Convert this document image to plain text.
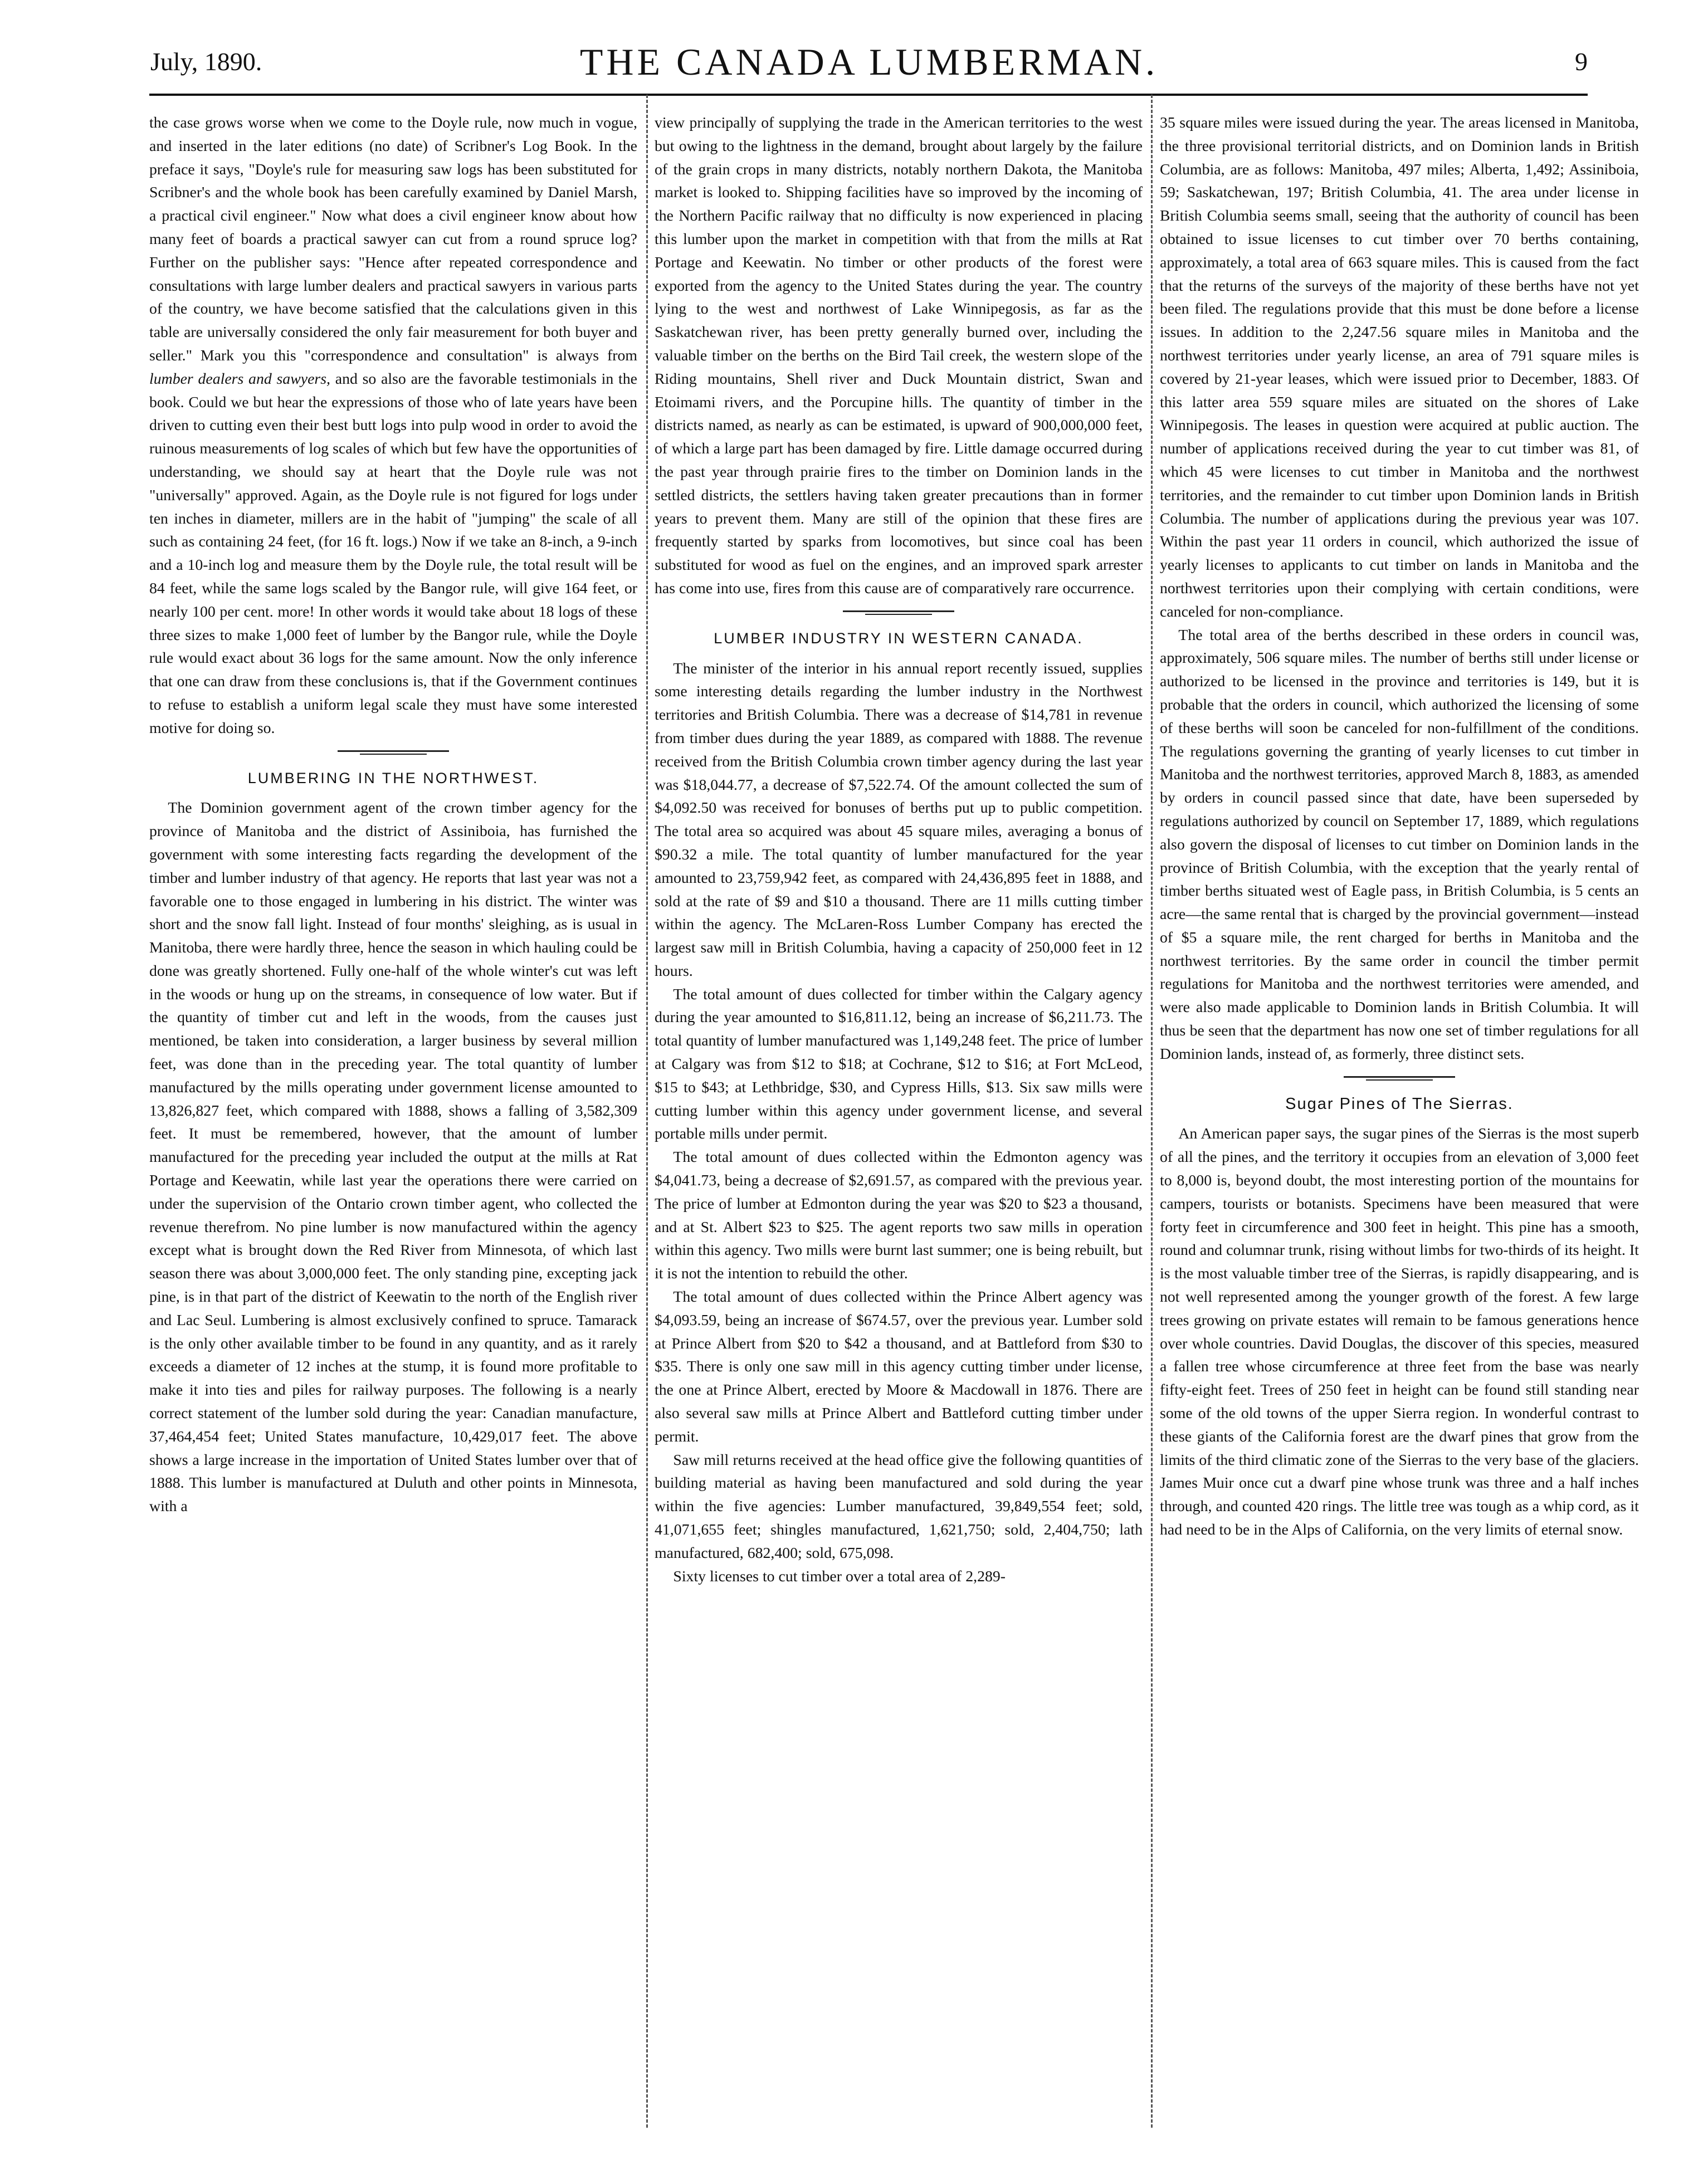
July, 1890.	THE CANADA LUMBERMAN.	9

the case grows worse when we come to the Doyle rule, now much in vogue, and inserted in the later editions (no date) of Scribner's Log Book. In the preface it says, "Doyle's rule for measuring saw logs has been substituted for Scribner's and the whole book has been carefully examined by Daniel Marsh, a practical civil engineer." Now what does a civil engineer know about how many feet of boards a practical sawyer can cut from a round spruce log? Further on the publisher says: "Hence after repeated correspondence and consultations with large lumber dealers and practical sawyers in various parts of the country, we have become satisfied that the calculations given in this table are universally considered the only fair measurement for both buyer and seller." Mark you this "correspondence and consultation" is always from lumber dealers and sawyers, and so also are the favorable testimonials in the book. Could we but hear the expressions of those who of late years have been driven to cutting even their best butt logs into pulp wood in order to avoid the ruinous measurements of log scales of which but few have the opportunities of understanding, we should say at heart that the Doyle rule was not "universally" approved. Again, as the Doyle rule is not figured for logs under ten inches in diameter, millers are in the habit of "jumping" the scale of all such as containing 24 feet, (for 16 ft. logs.) Now if we take an 8-inch, a 9-inch and a 10-inch log and measure them by the Doyle rule, the total result will be 84 feet, while the same logs scaled by the Bangor rule, will give 164 feet, or nearly 100 per cent. more! In other words it would take about 18 logs of these three sizes to make 1,000 feet of lumber by the Bangor rule, while the Doyle rule would exact about 36 logs for the same amount. Now the only inference that one can draw from these conclusions is, that if the Government continues to refuse to establish a uniform legal scale they must have some interested motive for doing so.

LUMBERING IN THE NORTHWEST.

The Dominion government agent of the crown timber agency for the province of Manitoba and the district of Assiniboia, has furnished the government with some interesting facts regarding the development of the timber and lumber industry of that agency. He reports that last year was not a favorable one to those engaged in lumbering in his district. The winter was short and the snow fall light. Instead of four months' sleighing, as is usual in Manitoba, there were hardly three, hence the season in which hauling could be done was greatly shortened. Fully one-half of the whole winter's cut was left in the woods or hung up on the streams, in consequence of low water. But if the quantity of timber cut and left in the woods, from the causes just mentioned, be taken into consideration, a larger business by several million feet, was done than in the preceding year. The total quantity of lumber manufactured by the mills operating under government license amounted to 13,826,827 feet, which compared with 1888, shows a falling of 3,582,309 feet. It must be remembered, however, that the amount of lumber manufactured for the preceding year included the output at the mills at Rat Portage and Keewatin, while last year the operations there were carried on under the supervision of the Ontario crown timber agent, who collected the revenue therefrom. No pine lumber is now manufactured within the agency except what is brought down the Red River from Minnesota, of which last season there was about 3,000,000 feet. The only standing pine, excepting jack pine, is in that part of the district of Keewatin to the north of the English river and Lac Seul. Lumbering is almost exclusively confined to spruce. Tamarack is the only other available timber to be found in any quantity, and as it rarely exceeds a diameter of 12 inches at the stump, it is found more profitable to make it into ties and piles for railway purposes. The following is a nearly correct statement of the lumber sold during the year: Canadian manufacture, 37,464,454 feet; United States manufacture, 10,429,017 feet. The above shows a large increase in the importation of United States lumber over that of 1888. This lumber is manufactured at Duluth and other points in Minnesota, with a

view principally of supplying the trade in the American territories to the west but owing to the lightness in the demand, brought about largely by the failure of the grain crops in many districts, notably northern Dakota, the Manitoba market is looked to. Shipping facilities have so improved by the incoming of the Northern Pacific railway that no difficulty is now experienced in placing this lumber upon the market in competition with that from the mills at Rat Portage and Keewatin. No timber or other products of the forest were exported from the agency to the United States during the year. The country lying to the west and northwest of Lake Winnipegosis, as far as the Saskatchewan river, has been pretty generally burned over, including the valuable timber on the berths on the Bird Tail creek, the western slope of the Riding mountains, Shell river and Duck Mountain district, Swan and Etoimami rivers, and the Porcupine hills. The quantity of timber in the districts named, as nearly as can be estimated, is upward of 900,000,000 feet, of which a large part has been damaged by fire. Little damage occurred during the past year through prairie fires to the timber on Dominion lands in the settled districts, the settlers having taken greater precautions than in former years to prevent them. Many are still of the opinion that these fires are frequently started by sparks from locomotives, but since coal has been substituted for wood as fuel on the engines, and an improved spark arrester has come into use, fires from this cause are of comparatively rare occurrence.

LUMBER INDUSTRY IN WESTERN CANADA.

The minister of the interior in his annual report recently issued, supplies some interesting details regarding the lumber industry in the Northwest territories and British Columbia. There was a decrease of $14,781 in revenue from timber dues during the year 1889, as compared with 1888. The revenue received from the British Columbia crown timber agency during the last year was $18,044.77, a decrease of $7,522.74. Of the amount collected the sum of $4,092.50 was received for bonuses of berths put up to public competition. The total area so acquired was about 45 square miles, averaging a bonus of $90.32 a mile. The total quantity of lumber manufactured for the year amounted to 23,759,942 feet, as compared with 24,436,895 feet in 1888, and sold at the rate of $9 and $10 a thousand. There are 11 mills cutting timber within the agency. The McLaren-Ross Lumber Company has erected the largest saw mill in British Columbia, having a capacity of 250,000 feet in 12 hours.

The total amount of dues collected for timber within the Calgary agency during the year amounted to $16,811.12, being an increase of $6,211.73. The total quantity of lumber manufactured was 1,149,248 feet. The price of lumber at Calgary was from $12 to $18; at Cochrane, $12 to $16; at Fort McLeod, $15 to $43; at Lethbridge, $30, and Cypress Hills, $13. Six saw mills were cutting lumber within this agency under government license, and several portable mills under permit.

The total amount of dues collected within the Edmonton agency was $4,041.73, being a decrease of $2,691.57, as compared with the previous year. The price of lumber at Edmonton during the year was $20 to $23 a thousand, and at St. Albert $23 to $25. The agent reports two saw mills in operation within this agency. Two mills were burnt last summer; one is being rebuilt, but it is not the intention to rebuild the other.

The total amount of dues collected within the Prince Albert agency was $4,093.59, being an increase of $674.57, over the previous year. Lumber sold at Prince Albert from $20 to $42 a thousand, and at Battleford from $30 to $35. There is only one saw mill in this agency cutting timber under license, the one at Prince Albert, erected by Moore & Macdowall in 1876. There are also several saw mills at Prince Albert and Battleford cutting timber under permit.

Saw mill returns received at the head office give the following quantities of building material as having been manufactured and sold during the year within the five agencies: Lumber manufactured, 39,849,554 feet; sold, 41,071,655 feet; shingles manufactured, 1,621,750; sold, 2,404,750; lath manufactured, 682,400; sold, 675,098.

Sixty licenses to cut timber over a total area of 2,289-

35 square miles were issued during the year. The areas licensed in Manitoba, the three provisional territorial districts, and on Dominion lands in British Columbia, are as follows: Manitoba, 497 miles; Alberta, 1,492; Assiniboia, 59; Saskatchewan, 197; British Columbia, 41. The area under license in British Columbia seems small, seeing that the authority of council has been obtained to issue licenses to cut timber over 70 berths containing, approximately, a total area of 663 square miles. This is caused from the fact that the returns of the surveys of the majority of these berths have not yet been filed. The regulations provide that this must be done before a license issues. In addition to the 2,247.56 square miles in Manitoba and the northwest territories under yearly license, an area of 791 square miles is covered by 21-year leases, which were issued prior to December, 1883. Of this latter area 559 square miles are situated on the shores of Lake Winnipegosis. The leases in question were acquired at public auction. The number of applications received during the year to cut timber was 81, of which 45 were licenses to cut timber in Manitoba and the northwest territories, and the remainder to cut timber upon Dominion lands in British Columbia. The number of applications during the previous year was 107. Within the past year 11 orders in council, which authorized the issue of yearly licenses to applicants to cut timber on lands in Manitoba and the northwest territories upon their complying with certain conditions, were canceled for non-compliance.

The total area of the berths described in these orders in council was, approximately, 506 square miles. The number of berths still under license or authorized to be licensed in the province and territories is 149, but it is probable that the orders in council, which authorized the licensing of some of these berths will soon be canceled for non-fulfillment of the conditions. The regulations governing the granting of yearly licenses to cut timber in Manitoba and the northwest territories, approved March 8, 1883, as amended by orders in council passed since that date, have been superseded by regulations authorized by council on September 17, 1889, which regulations also govern the disposal of licenses to cut timber on Dominion lands in the province of British Columbia, with the exception that the yearly rental of timber berths situated west of Eagle pass, in British Columbia, is 5 cents an acre—the same rental that is charged by the provincial government—instead of $5 a square mile, the rent charged for berths in Manitoba and the northwest territories. By the same order in council the timber permit regulations for Manitoba and the northwest territories were amended, and were also made applicable to Dominion lands in British Columbia. It will thus be seen that the department has now one set of timber regulations for all Dominion lands, instead of, as formerly, three distinct sets.

Sugar Pines of The Sierras.

An American paper says, the sugar pines of the Sierras is the most superb of all the pines, and the territory it occupies from an elevation of 3,000 feet to 8,000 is, beyond doubt, the most interesting portion of the mountains for campers, tourists or botanists. Specimens have been measured that were forty feet in circumference and 300 feet in height. This pine has a smooth, round and columnar trunk, rising without limbs for two-thirds of its height. It is the most valuable timber tree of the Sierras, is rapidly disappearing, and is not well represented among the younger growth of the forest. A few large trees growing on private estates will remain to be famous generations hence over whole countries. David Douglas, the discover of this species, measured a fallen tree whose circumference at three feet from the base was nearly fifty-eight feet. Trees of 250 feet in height can be found still standing near some of the old towns of the upper Sierra region. In wonderful contrast to these giants of the California forest are the dwarf pines that grow from the limits of the third climatic zone of the Sierras to the very base of the glaciers. James Muir once cut a dwarf pine whose trunk was three and a half inches through, and counted 420 rings. The little tree was tough as a whip cord, as it had need to be in the Alps of California, on the very limits of eternal snow.
